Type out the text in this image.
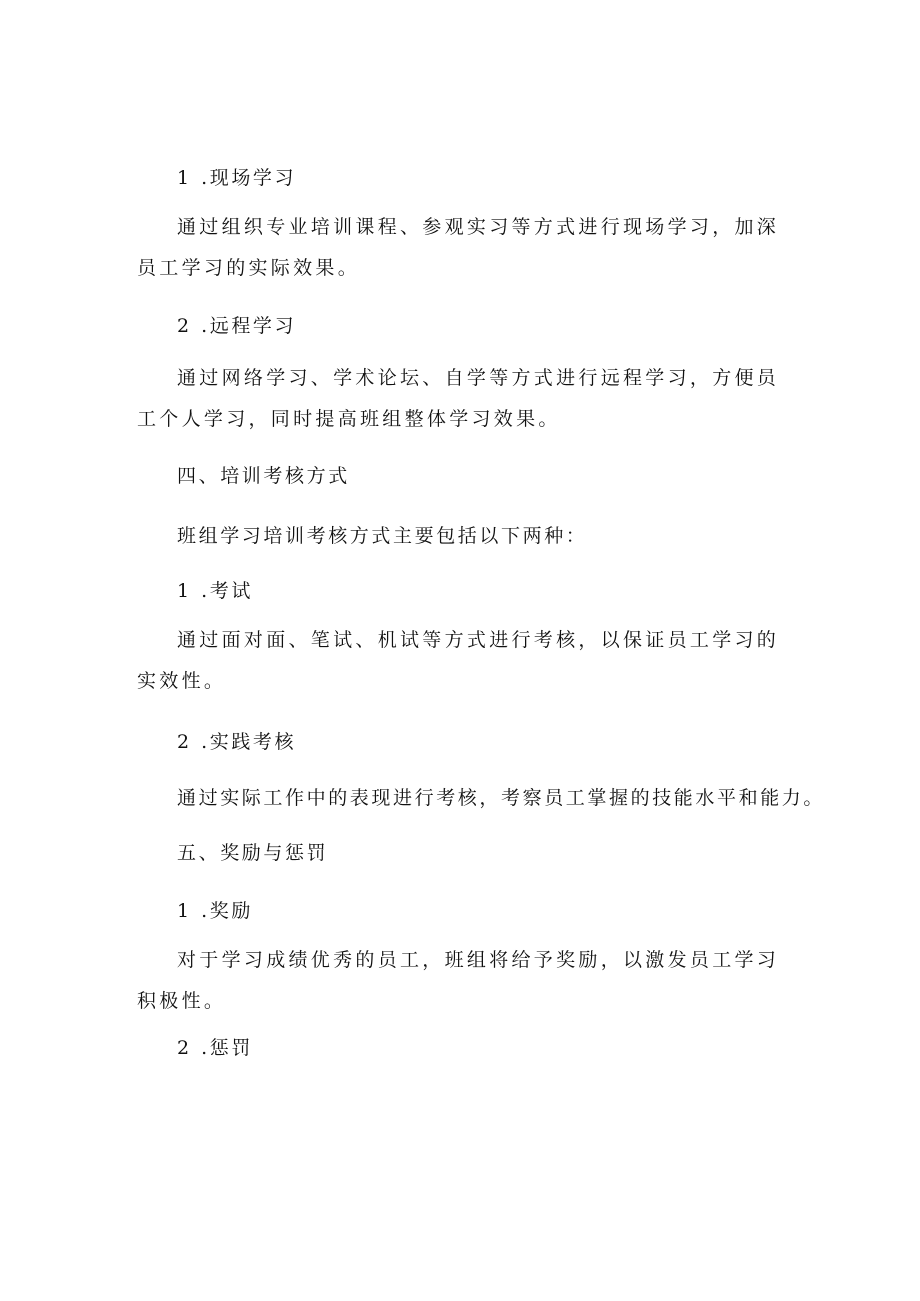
1 .现场学习
通过组织专业培训课程、参观实习等方式进行现场学习，加深员工学习的实际效果。
2 .远程学习
通过网络学习、学术论坛、自学等方式进行远程学习，方便员工个人学习，同时提高班组整体学习效果。
四、培训考核方式
班组学习培训考核方式主要包括以下两种：
1 .考试
通过面对面、笔试、机试等方式进行考核，以保证员工学习的实效性。
2 .实践考核
通过实际工作中的表现进行考核，考察员工掌握的技能水平和能力。
五、奖励与惩罚
1 .奖励
对于学习成绩优秀的员工，班组将给予奖励，以激发员工学习积极性。
2 .惩罚
